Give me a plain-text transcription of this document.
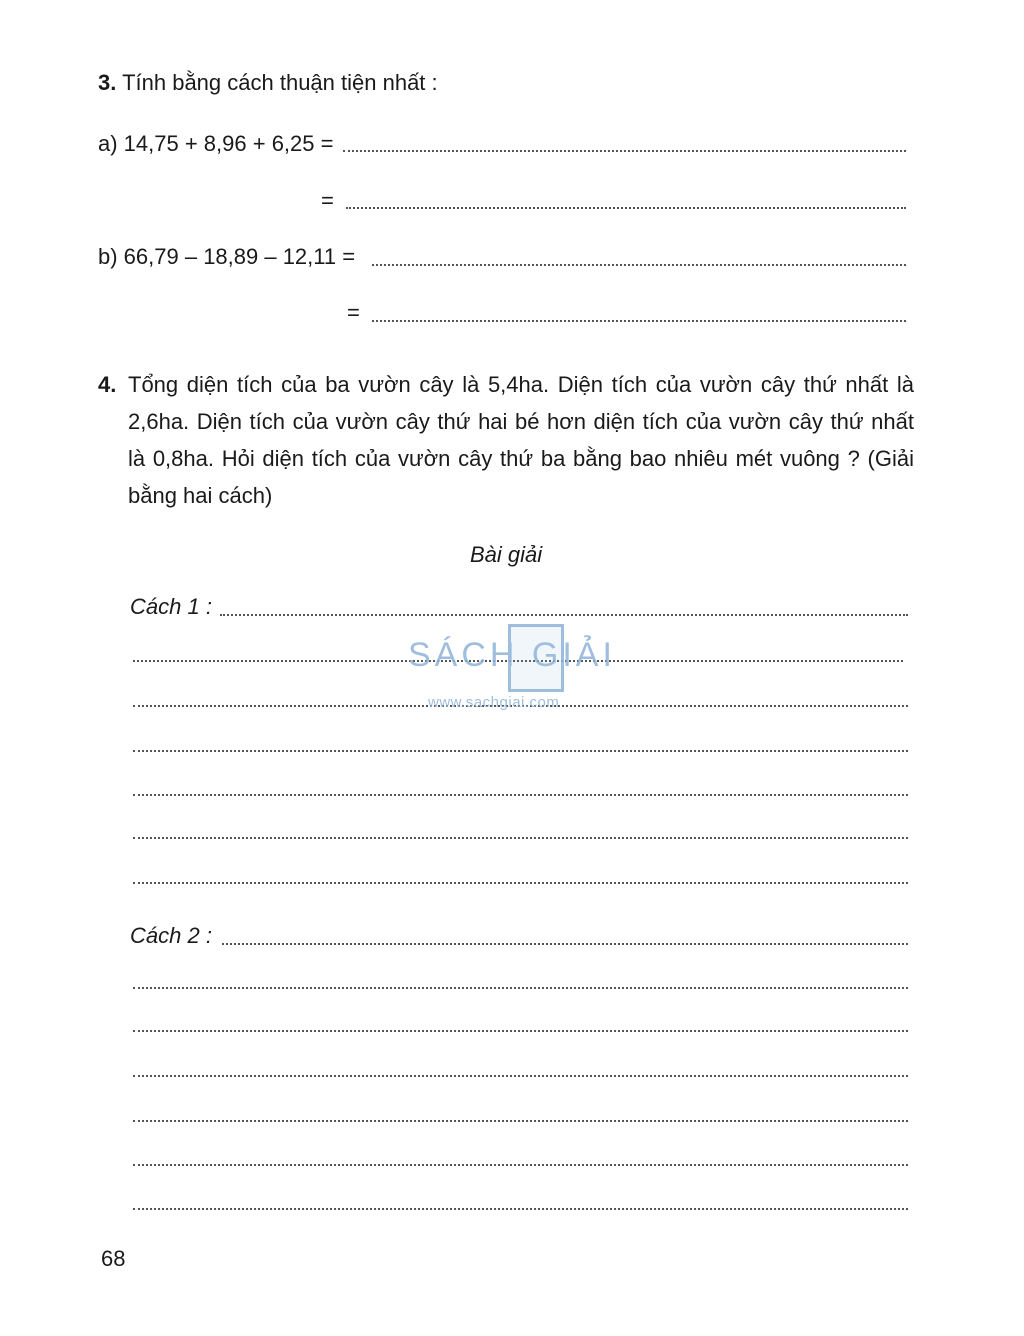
3. Tính bằng cách thuận tiện nhất :
a) 14,75 + 8,96 + 6,25 =
=
b) 66,79 – 18,89 – 12,11 =
=
4. Tổng diện tích của ba vườn cây là 5,4ha. Diện tích của vườn cây thứ nhất là
2,6ha. Diện tích của vườn cây thứ hai bé hơn diện tích của vườn cây thứ nhất
là 0,8ha. Hỏi diện tích của vườn cây thứ ba bằng bao nhiêu mét vuông ? (Giải
bằng hai cách)
Bài giải
Cách 1 :
Cách 2 :
SÁCH GIẢI
www.sachgiai.com
68
